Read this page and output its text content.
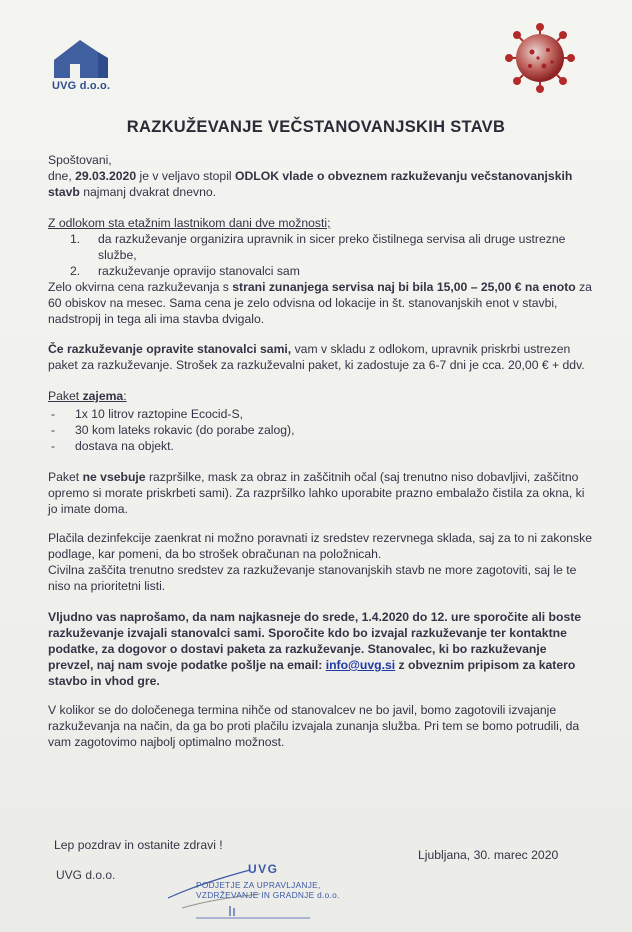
UVG d.o.o.
RAZKUŽEVANJE VEČSTANOVANJSKIH STAVB

Spoštovani,

dne, 29.03.2020 je v veljavo stopil ODLOK vlade o obveznem razkuževanju večstanovanjskih stavb najmanj dvakrat dnevno.

Z odlokom sta etažnim lastnikom dani dve možnosti;

1. da razkuževanje organizira upravnik in sicer preko čistilnega servisa ali druge ustrezne službe,
2. razkuževanje opravijo stanovalci sam

Zelo okvirna cena razkuževanja s strani zunanjega servisa naj bi bila 15,00 – 25,00 € na enoto za 60 obiskov na mesec. Sama cena je zelo odvisna od lokacije in št. stanovanjskih enot v stavbi, nadstropij in tega ali ima stavba dvigalo.

Če razkuževanje opravite stanovalci sami, vam v skladu z odlokom, upravnik priskrbi ustrezen paket za razkuževanje. Strošek za razkuževalni paket, ki zadostuje za 6-7 dni je cca. 20,00 € + ddv.

Paket zajema:

- 1x 10 litrov raztopine Ecocid-S,
- 30 kom lateks rokavic (do porabe zalog),
- dostava na objekt.

Paket ne vsebuje razpršilke, mask za obraz in zaščitnih očal (saj trenutno niso dobavljivi, zaščitno opremo si morate priskrbeti sami). Za razpršilko lahko uporabite prazno embalažo čistila za okna, ki jo imate doma.

Plačila dezinfekcije zaenkrat ni možno poravnati iz sredstev rezervnega sklada, saj za to ni zakonske podlage, kar pomeni, da bo strošek obračunan na položnicah.

Civilna zaščita trenutno sredstev za razkuževanje stanovanjskih stavb ne more zagotoviti, saj le te niso na prioritetni listi.

Vljudno vas naprošamo, da nam najkasneje do srede, 1.4.2020 do 12. ure sporočite ali boste razkuževanje izvajali stanovalci sami. Sporočite kdo bo izvajal razkuževanje ter kontaktne podatke, za dogovor o dostavi paketa za razkuževanje. Stanovalec, ki bo razkuževanje prevzel, naj nam svoje podatke pošlje na email: info@uvg.si z obveznim pripisom za katero stavbo in vhod gre.

V kolikor se do določenega termina nihče od stanovalcev ne bo javil, bomo zagotovili izvajanje razkuževanja na način, da ga bo proti plačilu izvajala zunanja služba. Pri tem se bomo potrudili, da vam zagotovimo najbolj optimalno možnost.

Lep pozdrav in ostanite zdravi !
Ljubljana, 30. marec 2020
UVG d.o.o.	UVG
PODJETJE ZA UPRAVLJANJE,
VZDRŽEVANJE IN GRADNJE d.o.o.
